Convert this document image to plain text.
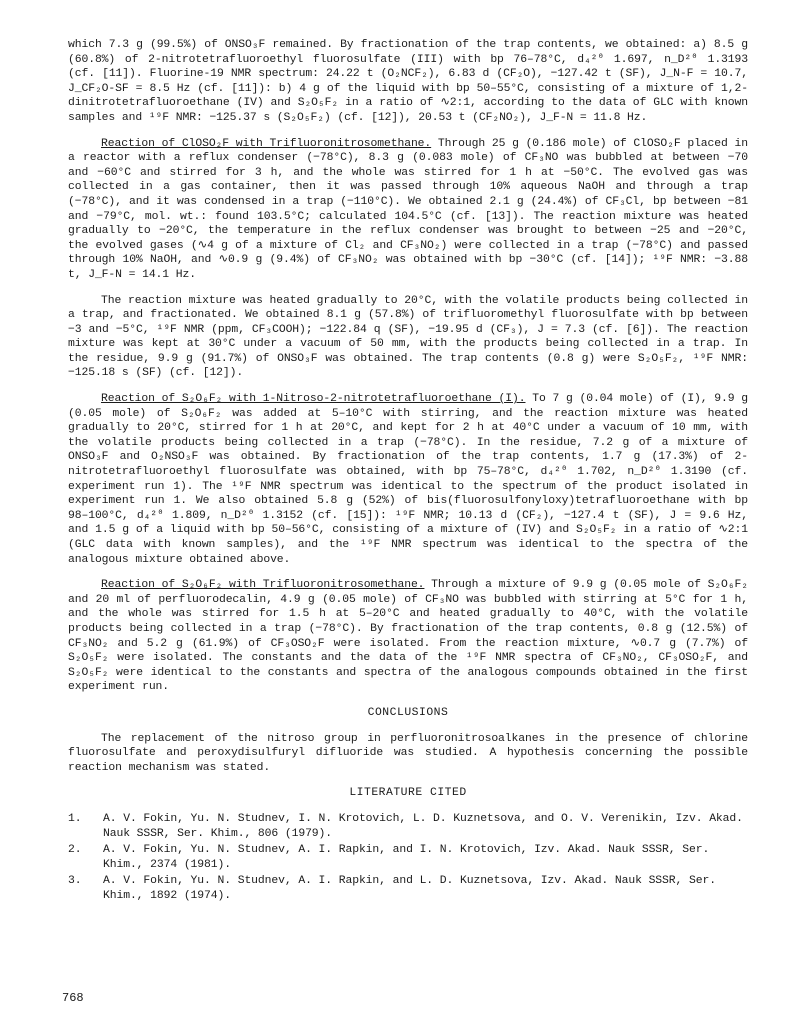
which 7.3 g (99.5%) of ONSO₃F remained. By fractionation of the trap contents, we obtained: a) 8.5 g (60.8%) of 2-nitrotetrafluoroethyl fluorosulfate (III) with bp 76–78°C, d₄²⁰ 1.697, n_D²⁰ 1.3193 (cf. [11]). Fluorine-19 NMR spectrum: 24.22 t (O₂NCF₂), 6.83 d (CF₂O), −127.42 t (SF), J_N-F = 10.7, J_CF₂O-SF = 8.5 Hz (cf. [11]): b) 4 g of the liquid with bp 50–55°C, consisting of a mixture of 1,2-dinitrotetrafluoroethane (IV) and S₂O₅F₂ in a ratio of ∿2:1, according to the data of GLC with known samples and ¹⁹F NMR: −125.37 s (S₂O₅F₂) (cf. [12]), 20.53 t (CF₂NO₂), J_F-N = 11.8 Hz.

Reaction of ClOSO₂F with Trifluoronitrosomethane. Through 25 g (0.186 mole) of ClOSO₂F placed in a reactor with a reflux condenser (−78°C), 8.3 g (0.083 mole) of CF₃NO was bubbled at between −70 and −60°C and stirred for 3 h, and the whole was stirred for 1 h at −50°C. The evolved gas was collected in a gas container, then it was passed through 10% aqueous NaOH and through a trap (−78°C), and it was condensed in a trap (−110°C). We obtained 2.1 g (24.4%) of CF₃Cl, bp between −81 and −79°C, mol. wt.: found 103.5°C; calculated 104.5°C (cf. [13]). The reaction mixture was heated gradually to −20°C, the temperature in the reflux condenser was brought to between −25 and −20°C, the evolved gases (∿4 g of a mixture of Cl₂ and CF₃NO₂) were collected in a trap (−78°C) and passed through 10% NaOH, and ∿0.9 g (9.4%) of CF₃NO₂ was obtained with bp −30°C (cf. [14]); ¹⁹F NMR: −3.88 t, J_F-N = 14.1 Hz.

The reaction mixture was heated gradually to 20°C, with the volatile products being collected in a trap, and fractionated. We obtained 8.1 g (57.8%) of trifluoromethyl fluorosulfate with bp between −3 and −5°C, ¹⁹F NMR (ppm, CF₃COOH); −122.84 q (SF), −19.95 d (CF₃), J = 7.3 (cf. [6]). The reaction mixture was kept at 30°C under a vacuum of 50 mm, with the products being collected in a trap. In the residue, 9.9 g (91.7%) of ONSO₃F was obtained. The trap contents (0.8 g) were S₂O₅F₂, ¹⁹F NMR: −125.18 s (SF) (cf. [12]).

Reaction of S₂O₆F₂ with 1-Nitroso-2-nitrotetrafluoroethane (I). To 7 g (0.04 mole) of (I), 9.9 g (0.05 mole) of S₂O₆F₂ was added at 5–10°C with stirring, and the reaction mixture was heated gradually to 20°C, stirred for 1 h at 20°C, and kept for 2 h at 40°C under a vacuum of 10 mm, with the volatile products being collected in a trap (−78°C). In the residue, 7.2 g of a mixture of ONSO₃F and O₂NSO₃F was obtained. By fractionation of the trap contents, 1.7 g (17.3%) of 2-nitrotetrafluoroethyl fluorosulfate was obtained, with bp 75–78°C, d₄²⁰ 1.702, n_D²⁰ 1.3190 (cf. experiment run 1). The ¹⁹F NMR spectrum was identical to the spectrum of the product isolated in experiment run 1. We also obtained 5.8 g (52%) of bis(fluorosulfonyloxy)tetrafluoroethane with bp 98–100°C, d₄²⁰ 1.809, n_D²⁰ 1.3152 (cf. [15]): ¹⁹F NMR; 10.13 d (CF₂), −127.4 t (SF), J = 9.6 Hz, and 1.5 g of a liquid with bp 50–56°C, consisting of a mixture of (IV) and S₂O₅F₂ in a ratio of ∿2:1 (GLC data with known samples), and the ¹⁹F NMR spectrum was identical to the spectra of the analogous mixture obtained above.

Reaction of S₂O₆F₂ with Trifluoronitrosomethane. Through a mixture of 9.9 g (0.05 mole of S₂O₆F₂ and 20 ml of perfluorodecalin, 4.9 g (0.05 mole) of CF₃NO was bubbled with stirring at 5°C for 1 h, and the whole was stirred for 1.5 h at 5–20°C and heated gradually to 40°C, with the volatile products being collected in a trap (−78°C). By fractionation of the trap contents, 0.8 g (12.5%) of CF₃NO₂ and 5.2 g (61.9%) of CF₃OSO₂F were isolated. From the reaction mixture, ∿0.7 g (7.7%) of S₂O₅F₂ were isolated. The constants and the data of the ¹⁹F NMR spectra of CF₃NO₂, CF₃OSO₂F, and S₂O₅F₂ were identical to the constants and spectra of the analogous compounds obtained in the first experiment run.

CONCLUSIONS

The replacement of the nitroso group in perfluoronitrosoalkanes in the presence of chlorine fluorosulfate and peroxydisulfuryl difluoride was studied. A hypothesis concerning the possible reaction mechanism was stated.

LITERATURE CITED
1.	A. V. Fokin, Yu. N. Studnev, I. N. Krotovich, L. D. Kuznetsova, and O. V. Verenikin, Izv. Akad. Nauk SSSR, Ser. Khim., 806 (1979).
2.	A. V. Fokin, Yu. N. Studnev, A. I. Rapkin, and I. N. Krotovich, Izv. Akad. Nauk SSSR, Ser. Khim., 2374 (1981).
3.	A. V. Fokin, Yu. N. Studnev, A. I. Rapkin, and L. D. Kuznetsova, Izv. Akad. Nauk SSSR, Ser. Khim., 1892 (1974).
768
